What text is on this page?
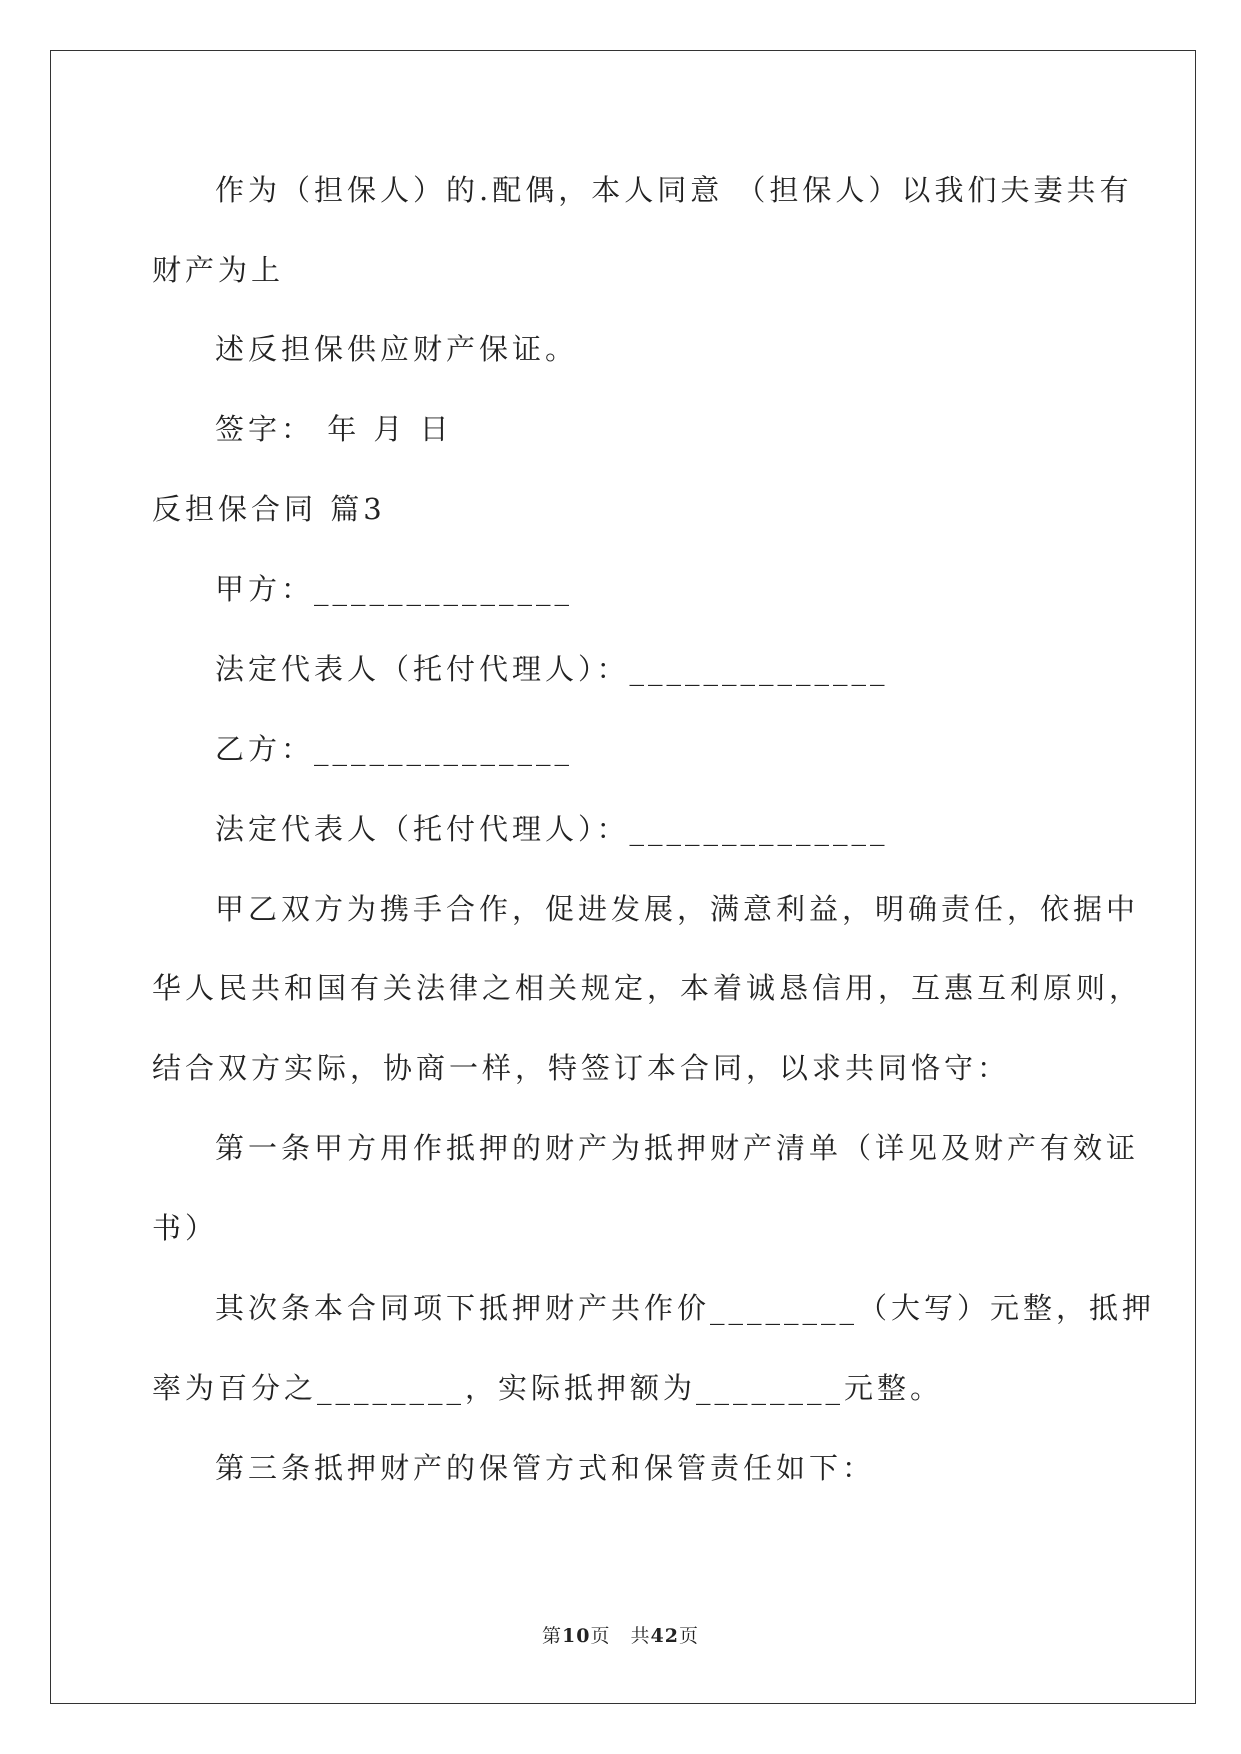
作为（担保人）的.配偶，本人同意 （担保人）以我们夫妻共有
财产为上
述反担保供应财产保证。
签字： 年 月 日
反担保合同 篇3
甲方：______________
法定代表人（托付代理人）：______________
乙方：______________
法定代表人（托付代理人）：______________
甲乙双方为携手合作，促进发展，满意利益，明确责任，依据中
华人民共和国有关法律之相关规定，本着诚恳信用，互惠互利原则，
结合双方实际，协商一样，特签订本合同，以求共同恪守：
第一条甲方用作抵押的财产为抵押财产清单（详见及财产有效证
书）
其次条本合同项下抵押财产共作价________（大写）元整，抵押
率为百分之________，实际抵押额为________元整。
第三条抵押财产的保管方式和保管责任如下：
第10页　共42页
